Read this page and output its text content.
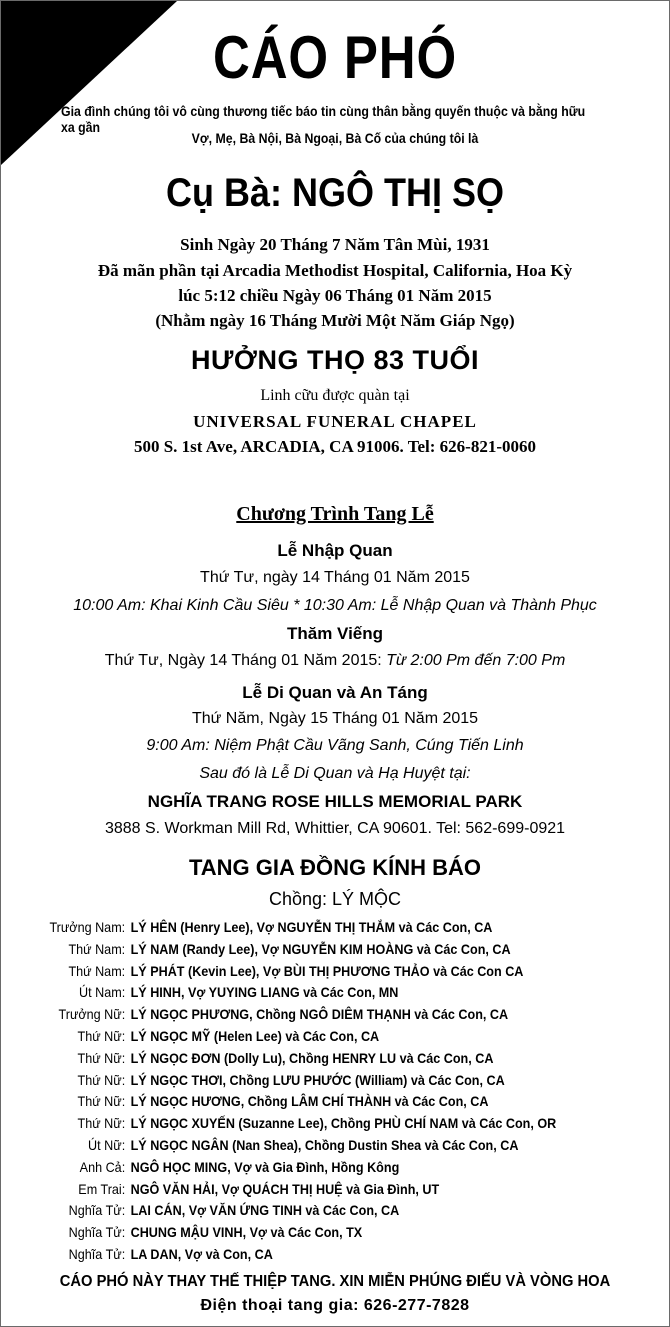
CÁO PHÓ
Gia đình chúng tôi vô cùng thương tiếc báo tin cùng thân bằng quyến thuộc và bằng hữu xa gần
Vợ, Mẹ, Bà Nội, Bà Ngoại, Bà Cố của chúng tôi là
Cụ Bà: NGÔ THỊ SỌ
Sinh Ngày 20 Tháng 7 Năm Tân Mùi, 1931
Đã mãn phần tại Arcadia Methodist Hospital, California, Hoa Kỳ
lúc 5:12 chiều Ngày 06 Tháng 01 Năm 2015
(Nhằm ngày 16 Tháng Mười Một Năm Giáp Ngọ)
HƯỞNG THỌ 83 TUỔI
Linh cữu được quàn tại
UNIVERSAL FUNERAL CHAPEL
500 S. 1st Ave, ARCADIA, CA 91006. Tel: 626-821-0060
Chương Trình Tang Lễ
Lễ Nhập Quan
Thứ Tư, ngày 14 Tháng 01 Năm 2015
10:00 Am: Khai Kinh Cầu Siêu * 10:30 Am: Lễ Nhập Quan và Thành Phục
Thăm Viếng
Thứ Tư, Ngày 14 Tháng 01 Năm 2015: Từ 2:00 Pm đến 7:00 Pm
Lễ Di Quan và An Táng
Thứ Năm, Ngày 15 Tháng 01 Năm 2015
9:00 Am: Niệm Phật Cầu Vãng Sanh, Cúng Tiến Linh
Sau đó là Lễ Di Quan và Hạ Huyệt tại:
NGHĨA TRANG ROSE HILLS MEMORIAL PARK
3888 S. Workman Mill Rd, Whittier, CA 90601. Tel: 562-699-0921
TANG GIA ĐỒNG KÍNH BÁO
Chồng: LÝ MỘC
Trưởng Nam: LÝ HÊN (Henry Lee), Vợ NGUYỄN THỊ THẮM và Các Con, CA
Thứ Nam: LÝ NAM (Randy Lee), Vợ NGUYỄN KIM HOÀNG và Các Con, CA
Thứ Nam: LÝ PHÁT (Kevin Lee), Vợ BÙI THỊ PHƯƠNG THẢO và Các Con CA
Út Nam: LÝ HINH, Vợ YUYING LIANG và Các Con, MN
Trưởng Nữ: LÝ NGỌC PHƯƠNG, Chồng NGÔ DIÊM THẠNH và Các Con, CA
Thứ Nữ: LÝ NGỌC MỸ (Helen Lee) và Các Con, CA
Thứ Nữ: LÝ NGỌC ĐƠN (Dolly Lu), Chồng HENRY LU và Các Con, CA
Thứ Nữ: LÝ NGỌC THƠI, Chồng LƯU PHƯỚC (William) và Các Con, CA
Thứ Nữ: LÝ NGỌC HƯƠNG, Chồng LÂM CHÍ THÀNH và Các Con, CA
Thứ Nữ: LÝ NGỌC XUYẾN (Suzanne Lee), Chồng PHÙ CHÍ NAM và Các Con, OR
Út Nữ: LÝ NGỌC NGÂN (Nan Shea), Chồng Dustin Shea và Các Con, CA
Anh Cả: NGÔ HỌC MING, Vợ và Gia Đình, Hồng Kông
Em Trai: NGÔ VĂN HẢI, Vợ QUÁCH THỊ HUỆ và Gia Đình, UT
Nghĩa Tử: LAI CÁN, Vợ VĂN ỨNG TINH và Các Con, CA
Nghĩa Tử: CHUNG MẬU VINH, Vợ và Các Con, TX
Nghĩa Tử: LA DAN, Vợ và Con, CA
CÁO PHÓ NÀY THAY THẾ THIỆP TANG. XIN MIỄN PHÚNG ĐIẾU VÀ VÒNG HOA
Điện thoại tang gia: 626-277-7828
